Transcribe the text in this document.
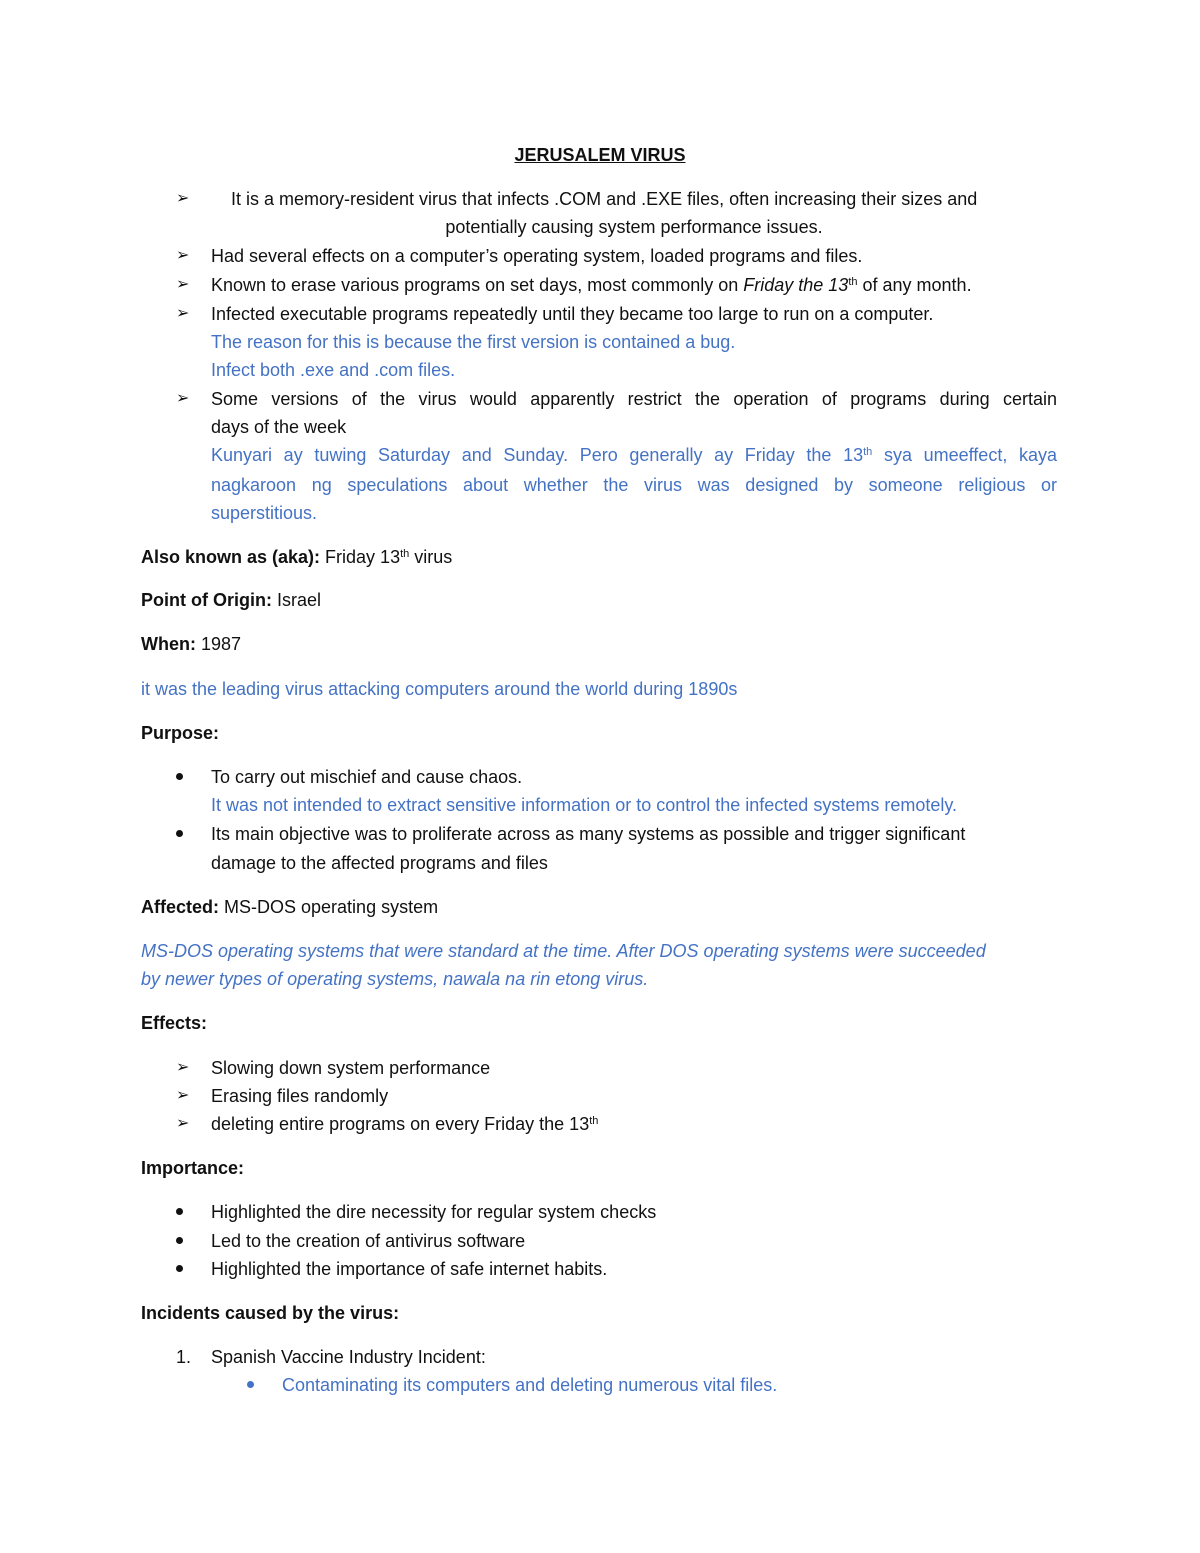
JERUSALEM VIRUS
➢ It is a memory-resident virus that infects .COM and .EXE files, often increasing their sizes and
potentially causing system performance issues.
➢ Had several effects on a computer’s operating system, loaded programs and files.
➢ Known to erase various programs on set days, most commonly on Friday the 13th of any month.
➢ Infected executable programs repeatedly until they became too large to run on a computer.
The reason for this is because the first version is contained a bug.
Infect both .exe and .com files.
➢ Some versions of the virus would apparently restrict the operation of programs during certain
days of the week
Kunyari ay tuwing Saturday and Sunday. Pero generally ay Friday the 13th sya umeeffect, kaya
nagkaroon ng speculations about whether the virus was designed by someone religious or
superstitious.
Also known as (aka): Friday 13th virus
Point of Origin: Israel
When: 1987
it was the leading virus attacking computers around the world during 1890s
Purpose:
To carry out mischief and cause chaos.
It was not intended to extract sensitive information or to control the infected systems remotely.
Its main objective was to proliferate across as many systems as possible and trigger significant
damage to the affected programs and files
Affected: MS-DOS operating system
MS-DOS operating systems that were standard at the time. After DOS operating systems were succeeded
by newer types of operating systems, nawala na rin etong virus.
Effects:
➢ Slowing down system performance
➢ Erasing files randomly
➢ deleting entire programs on every Friday the 13th
Importance:
Highlighted the dire necessity for regular system checks
Led to the creation of antivirus software
Highlighted the importance of safe internet habits.
Incidents caused by the virus:
1. Spanish Vaccine Industry Incident:
Contaminating its computers and deleting numerous vital files.
